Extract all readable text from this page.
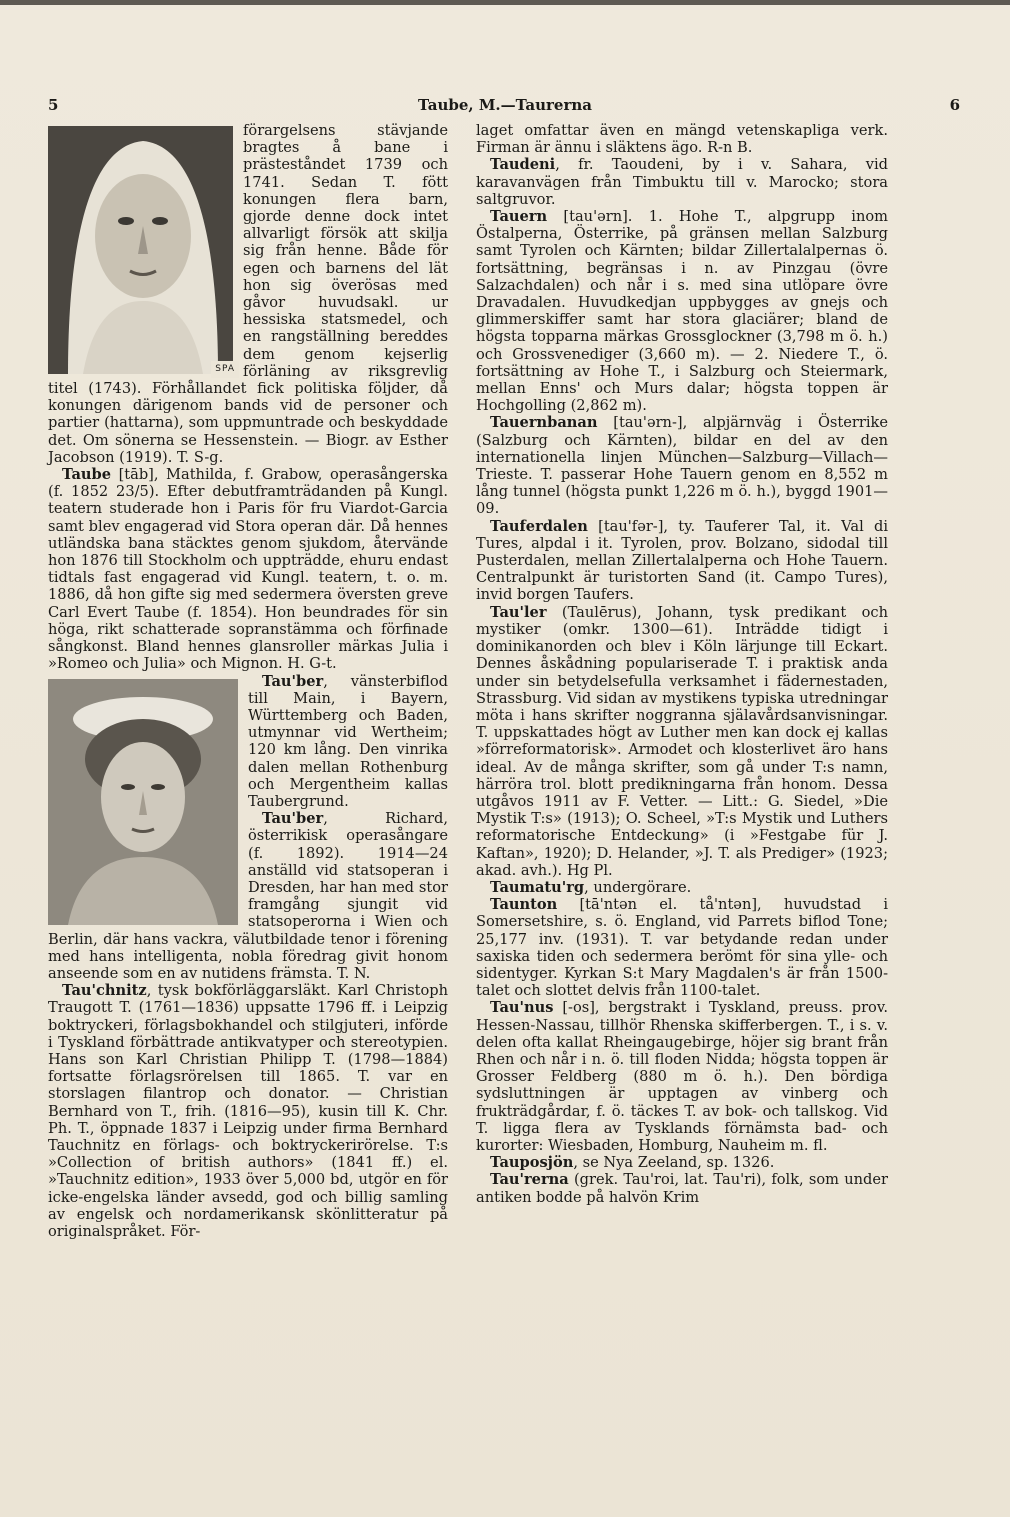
5	Taube, M.—Taurerna	6
SPA

förargelsens stävjande bragtes å bane i prästeståndet 1739 och 1741. Sedan T. fött konungen flera barn, gjorde denne dock intet allvarligt försök att skilja sig från henne. Både för egen och barnens del lät hon sig överösas med gåvor huvudsakl. ur hessiska statsmedel, och en rangställning bereddes dem genom kejserlig förläning av riksgrevlig titel (1743). Förhållandet fick politiska följder, då konungen därigenom bands vid de personer och partier (hattarna), som uppmuntrade och beskyddade det. Om sönerna se Hessenstein. — Biogr. av Esther Jacobson (1919). T. S-g.

Taube [tāb], Mathilda, f. Grabow, operasångerska (f. 1852 23/5). Efter debutframträdanden på Kungl. teatern studerade hon i Paris för fru Viardot-Garcia samt blev engagerad vid Stora operan där. Då hennes utländska bana stäcktes genom sjukdom, återvände hon 1876 till Stockholm och uppträdde, ehuru endast tidtals fast engagerad vid Kungl. teatern, t. o. m. 1886, då hon gifte sig med sedermera översten greve Carl Evert Taube (f. 1854). Hon beundrades för sin höga, rikt schatterade sopranstämma och förfinade sångkonst. Bland hennes glansroller märkas Julia i »Romeo och Julia» och Mignon. H. G-t.

Tau'ber, vänsterbiflod till Main, i Bayern, Württemberg och Baden, utmynnar vid Wertheim; 120 km lång. Den vinrika dalen mellan Rothenburg och Mergentheim kallas Taubergrund.

Tau'ber, Richard, österrikisk operasångare (f. 1892). 1914—24 anställd vid statsoperan i Dresden, har han med stor framgång sjungit vid statsoperorna i Wien och Berlin, där hans vackra, välutbildade tenor i förening med hans intelligenta, nobla föredrag givit honom anseende som en av nutidens främsta. T. N.

Tau'chnitz, tysk bokförläggarsläkt. Karl Christoph Traugott T. (1761—1836) uppsatte 1796 ff. i Leipzig boktryckeri, förlagsbokhandel och stilgjuteri, införde i Tyskland förbättrade antikvatyper och stereotypien. Hans son Karl Christian Philipp T. (1798—1884) fortsatte förlagsrörelsen till 1865. T. var en storslagen filantrop och donator. — Christian Bernhard von T., frih. (1816—95), kusin till K. Chr. Ph. T., öppnade 1837 i Leipzig under firma Bernhard Tauchnitz en förlags- och boktryckerirörelse. T:s »Collection of british authors» (1841 ff.) el. »Tauchnitz edition», 1933 över 5,000 bd, utgör en för icke-engelska länder avsedd, god och billig samling av engelsk och nordamerikansk skönlitteratur på originalspråket. För-

laget omfattar även en mängd vetenskapliga verk. Firman är ännu i släktens ägo. R-n B.

Taudeni, fr. Taoudeni, by i v. Sahara, vid karavanvägen från Timbuktu till v. Marocko; stora saltgruvor.

Tauern [tau'ərn]. 1. Hohe T., alpgrupp inom Östalperna, Österrike, på gränsen mellan Salzburg samt Tyrolen och Kärnten; bildar Zillertalalpernas ö. fortsättning, begränsas i n. av Pinzgau (övre Salzachdalen) och når i s. med sina utlöpare övre Dravadalen. Huvudkedjan uppbygges av gnejs och glimmerskiffer samt har stora glaciärer; bland de högsta topparna märkas Grossglockner (3,798 m ö. h.) och Grossvenediger (3,660 m). — 2. Niedere T., ö. fortsättning av Hohe T., i Salzburg och Steiermark, mellan Enns' och Murs dalar; högsta toppen är Hochgolling (2,862 m).

Tauernbanan [tau'ərn-], alpjärnväg i Österrike (Salzburg och Kärnten), bildar en del av den internationella linjen München—Salzburg—Villach—Trieste. T. passerar Hohe Tauern genom en 8,552 m lång tunnel (högsta punkt 1,226 m ö. h.), byggd 1901—09.

Tauferdalen [tau'fər-], ty. Tauferer Tal, it. Val di Tures, alpdal i it. Tyrolen, prov. Bolzano, sidodal till Pusterdalen, mellan Zillertalalperna och Hohe Tauern. Centralpunkt är turistorten Sand (it. Campo Tures), invid borgen Taufers.

Tau'ler (Taulērus), Johann, tysk predikant och mystiker (omkr. 1300—61). Inträdde tidigt i dominikanorden och blev i Köln lärjunge till Eckart. Dennes åskådning populariserade T. i praktisk anda under sin betydelsefulla verksamhet i fädernestaden, Strassburg. Vid sidan av mystikens typiska utredningar möta i hans skrifter noggranna själavårdsanvisningar. T. uppskattades högt av Luther men kan dock ej kallas »förreformatorisk». Armodet och klosterlivet äro hans ideal. Av de många skrifter, som gå under T:s namn, härröra trol. blott predikningarna från honom. Dessa utgåvos 1911 av F. Vetter. — Litt.: G. Siedel, »Die Mystik T:s» (1913); O. Scheel, »T:s Mystik und Luthers reformatorische Entdeckung» (i »Festgabe für J. Kaftan», 1920); D. Helander, »J. T. als Prediger» (1923; akad. avh.). Hg Pl.

Taumatu'rg, undergörare.

Taunton [tā'ntən el. tå'ntən], huvudstad i Somersetshire, s. ö. England, vid Parrets biflod Tone; 25,177 inv. (1931). T. var betydande redan under saxiska tiden och sedermera berömt för sina ylle- och sidentyger. Kyrkan S:t Mary Magdalen's är från 1500-talet och slottet delvis från 1100-talet.

Tau'nus [-os], bergstrakt i Tyskland, preuss. prov. Hessen-Nassau, tillhör Rhenska skifferbergen. T., i s. v. delen ofta kallat Rheingaugebirge, höjer sig brant från Rhen och når i n. ö. till floden Nidda; högsta toppen är Grosser Feldberg (880 m ö. h.). Den bördiga sydsluttningen är upptagen av vinberg och frukträdgårdar, f. ö. täckes T. av bok- och tallskog. Vid T. ligga flera av Tysklands förnämsta bad- och kurorter: Wiesbaden, Homburg, Nauheim m. fl.

Tauposjön, se Nya Zeeland, sp. 1326.

Tau'rerna (grek. Tau'roi, lat. Tau'ri), folk, som under antiken bodde på halvön Krim
